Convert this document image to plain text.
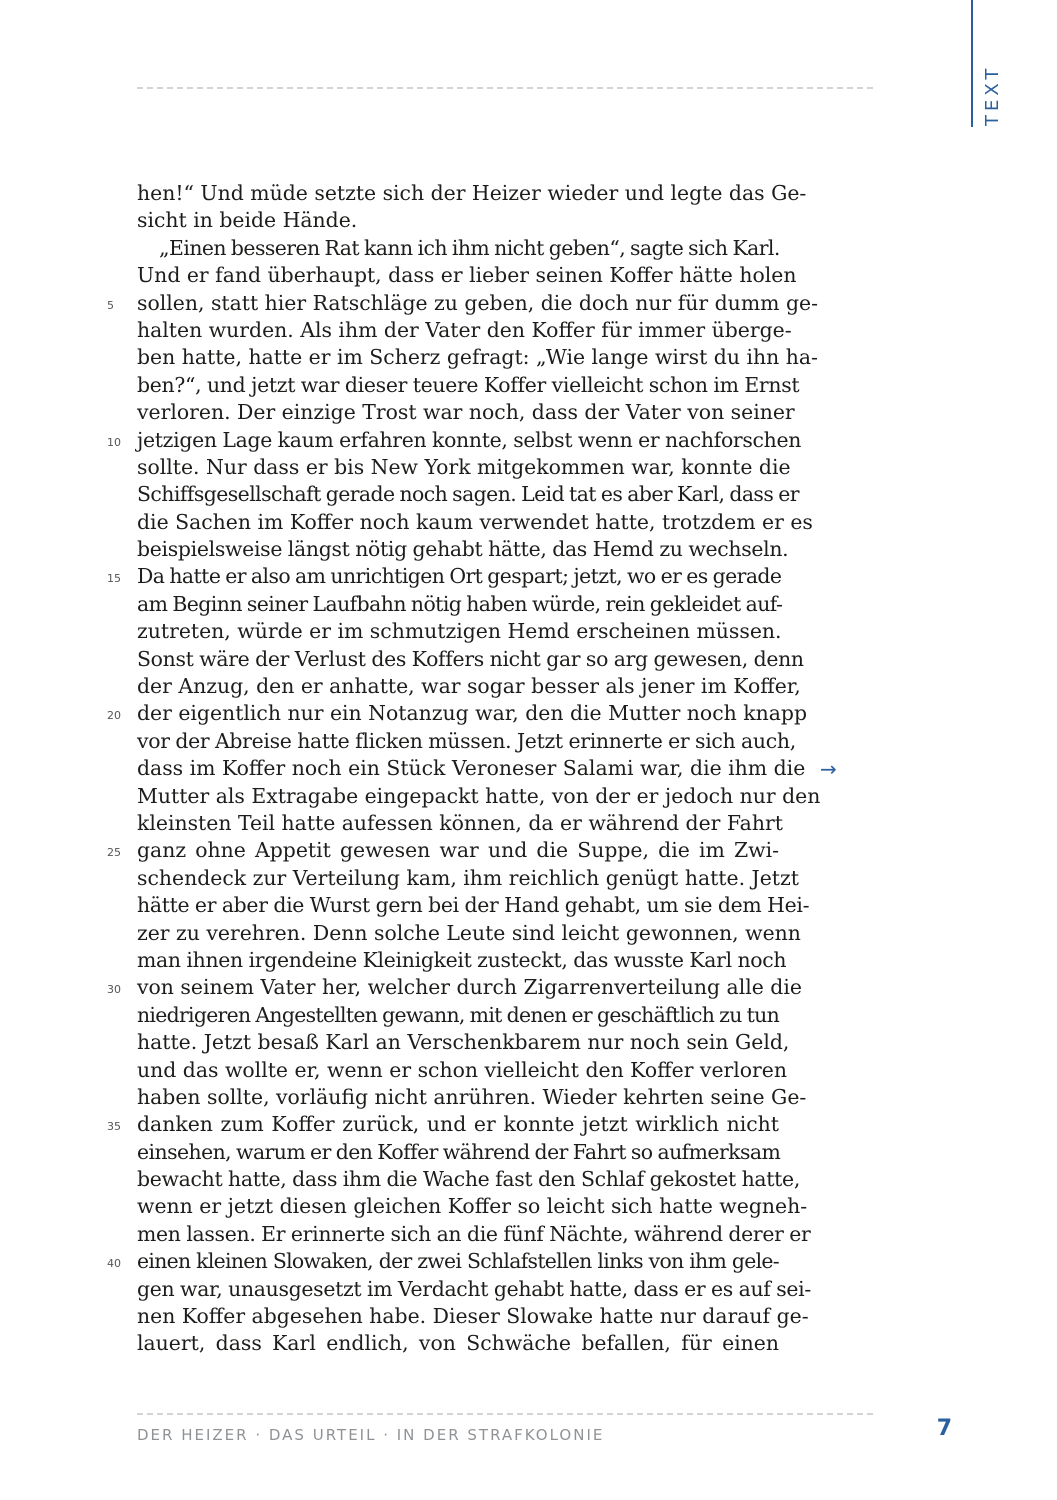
TEXT
hen!“ Und müde setzte sich der Heizer wieder und legte das Ge-
sicht in beide Hände.
„Einen besseren Rat kann ich ihm nicht geben“, sagte sich Karl.
Und er fand überhaupt, dass er lieber seinen Koffer hätte holen
5	sollen, statt hier Ratschläge zu geben, die doch nur für dumm ge-
halten wurden. Als ihm der Vater den Koffer für immer überge-
ben hatte, hatte er im Scherz gefragt: „Wie lange wirst du ihn ha-
ben?“, und jetzt war dieser teuere Koffer vielleicht schon im Ernst
verloren. Der einzige Trost war noch, dass der Vater von seiner
10 jetzigen Lage kaum erfahren konnte, selbst wenn er nachforschen
sollte. Nur dass er bis New York mitgekommen war, konnte die
Schiffsgesellschaft gerade noch sagen. Leid tat es aber Karl, dass er
die Sachen im Koffer noch kaum verwendet hatte, trotzdem er es
beispielsweise längst nötig gehabt hätte, das Hemd zu wechseln.
15 Da hatte er also am unrichtigen Ort gespart; jetzt, wo er es gerade
am Beginn seiner Laufbahn nötig haben würde, rein gekleidet auf-
zutreten, würde er im schmutzigen Hemd erscheinen müssen.
Sonst wäre der Verlust des Koffers nicht gar so arg gewesen, denn
der Anzug, den er anhatte, war sogar besser als jener im Koffer,
20 der eigentlich nur ein Notanzug war, den die Mutter noch knapp
vor der Abreise hatte flicken müssen. Jetzt erinnerte er sich auch,
dass im Koffer noch ein Stück Veroneser Salami war, die ihm die
Mutter als Extragabe eingepackt hatte, von der er jedoch nur den
kleinsten Teil hatte aufessen können, da er während der Fahrt
25 ganz ohne Appetit gewesen war und die Suppe, die im Zwi-
schendeck zur Verteilung kam, ihm reichlich genügt hatte. Jetzt
hätte er aber die Wurst gern bei der Hand gehabt, um sie dem Hei-
zer zu verehren. Denn solche Leute sind leicht gewonnen, wenn
man ihnen irgendeine Kleinigkeit zusteckt, das wusste Karl noch
30 von seinem Vater her, welcher durch Zigarrenverteilung alle die
niedrigeren Angestellten gewann, mit denen er geschäftlich zu tun
hatte. Jetzt besaß Karl an Verschenkbarem nur noch sein Geld,
und das wollte er, wenn er schon vielleicht den Koffer verloren
haben sollte, vorläufig nicht anrühren. Wieder kehrten seine Ge-
35 danken zum Koffer zurück, und er konnte jetzt wirklich nicht
einsehen, warum er den Koffer während der Fahrt so aufmerksam
bewacht hatte, dass ihm die Wache fast den Schlaf gekostet hatte,
wenn er jetzt diesen gleichen Koffer so leicht sich hatte wegneh-
men lassen. Er erinnerte sich an die fünf Nächte, während derer er
40 einen kleinen Slowaken, der zwei Schlafstellen links von ihm gele-
gen war, unausgesetzt im Verdacht gehabt hatte, dass er es auf sei-
nen Koffer abgesehen habe. Dieser Slowake hatte nur darauf ge-
lauert, dass Karl endlich, von Schwäche befallen, für einen
→
DER HEIZER · DAS URTEIL · IN DER STRAFKOLONIE	7
